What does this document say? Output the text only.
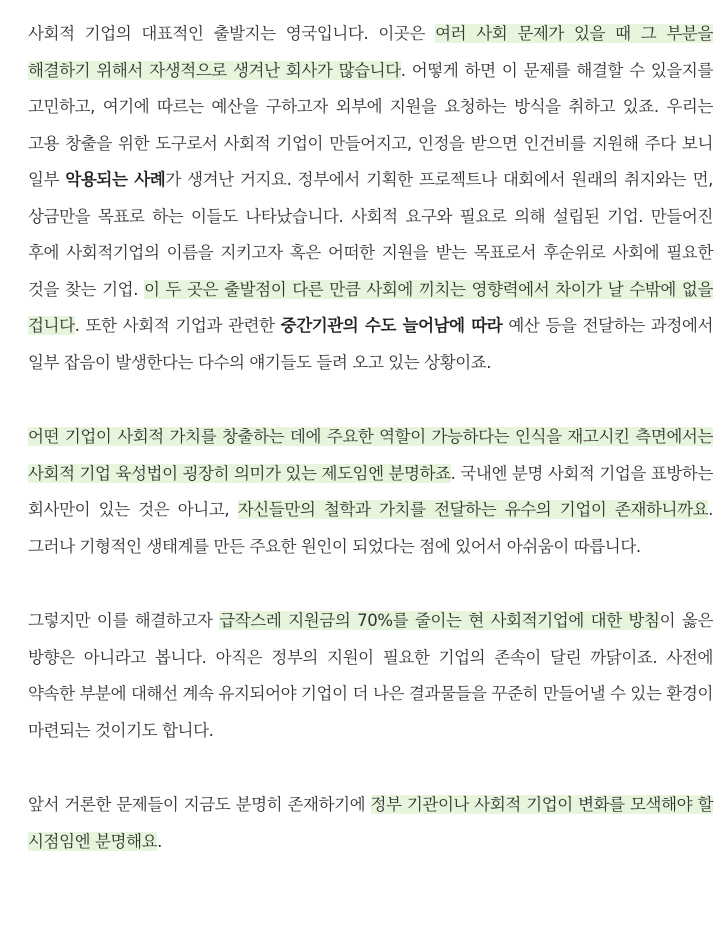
사회적 기업의 대표적인 출발지는 영국입니다. 이곳은 여러 사회 문제가 있을 때 그 부분을 해결하기 위해서 자생적으로 생겨난 회사가 많습니다. 어떻게 하면 이 문제를 해결할 수 있을지를 고민하고, 여기에 따르는 예산을 구하고자 외부에 지원을 요청하는 방식을 취하고 있죠. 우리는 고용 창출을 위한 도구로서 사회적 기업이 만들어지고, 인정을 받으면 인건비를 지원해 주다 보니 일부 악용되는 사례가 생겨난 거지요. 정부에서 기획한 프로젝트나 대회에서 원래의 취지와는 먼, 상금만을 목표로 하는 이들도 나타났습니다. 사회적 요구와 필요로 의해 설립된 기업. 만들어진 후에 사회적기업의 이름을 지키고자 혹은 어떠한 지원을 받는 목표로서 후순위로 사회에 필요한 것을 찾는 기업. 이 두 곳은 출발점이 다른 만큼 사회에 끼치는 영향력에서 차이가 날 수밖에 없을 겁니다. 또한 사회적 기업과 관련한 중간기관의 수도 늘어남에 따라 예산 등을 전달하는 과정에서 일부 잡음이 발생한다는 다수의 얘기들도 들려 오고 있는 상황이죠.

어떤 기업이 사회적 가치를 창출하는 데에 주요한 역할이 가능하다는 인식을 재고시킨 측면에서는 사회적 기업 육성법이 굉장히 의미가 있는 제도임엔 분명하죠. 국내엔 분명 사회적 기업을 표방하는 회사만이 있는 것은 아니고, 자신들만의 철학과 가치를 전달하는 유수의 기업이 존재하니까요. 그러나 기형적인 생태계를 만든 주요한 원인이 되었다는 점에 있어서 아쉬움이 따릅니다.

그렇지만 이를 해결하고자 급작스레 지원금의 70%를 줄이는 현 사회적기업에 대한 방침이 옳은 방향은 아니라고 봅니다. 아직은 정부의 지원이 필요한 기업의 존속이 달린 까닭이죠. 사전에 약속한 부분에 대해선 계속 유지되어야 기업이 더 나은 결과물들을 꾸준히 만들어낼 수 있는 환경이 마련되는 것이기도 합니다.

앞서 거론한 문제들이 지금도 분명히 존재하기에 정부 기관이나 사회적 기업이 변화를 모색해야 할 시점임엔 분명해요.
